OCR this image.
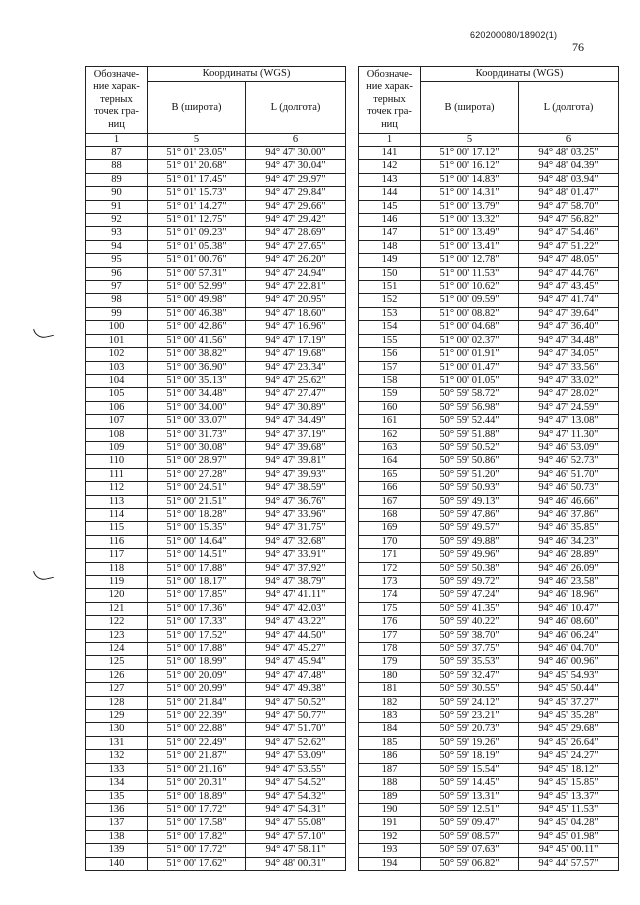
620200080/18902(1)
76
Обозначе-ние харак-терных точек гра-ниц	Координаты (WGS)	
	В (широта)	L (долгота)
1	5	6
87	51° 01' 23.05"	94° 47' 30.00"
88	51° 01' 20.68"	94° 47' 30.04"
89	51° 01' 17.45"	94° 47' 29.97"
90	51° 01' 15.73"	94° 47' 29.84"
91	51° 01' 14.27"	94° 47' 29.66"
92	51° 01' 12.75"	94° 47' 29.42"
93	51° 01' 09.23"	94° 47' 28.69"
94	51° 01' 05.38"	94° 47' 27.65"
95	51° 01' 00.76"	94° 47' 26.20"
96	51° 00' 57.31"	94° 47' 24.94"
97	51° 00' 52.99"	94° 47' 22.81"
98	51° 00' 49.98"	94° 47' 20.95"
99	51° 00' 46.38"	94° 47' 18.60"
100	51° 00' 42.86"	94° 47' 16.96"
101	51° 00' 41.56"	94° 47' 17.19"
102	51° 00' 38.82"	94° 47' 19.68"
103	51° 00' 36.90"	94° 47' 23.34"
104	51° 00' 35.13"	94° 47' 25.62"
105	51° 00' 34.48"	94° 47' 27.47"
106	51° 00' 34.00"	94° 47' 30.89"
107	51° 00' 33.07"	94° 47' 34.49"
108	51° 00' 31.73"	94° 47' 37.19"
109	51° 00' 30.08"	94° 47' 39.68"
110	51° 00' 28.97"	94° 47' 39.81"
111	51° 00' 27.28"	94° 47' 39.93"
112	51° 00' 24.51"	94° 47' 38.59"
113	51° 00' 21.51"	94° 47' 36.76"
114	51° 00' 18.28"	94° 47' 33.96"
115	51° 00' 15.35"	94° 47' 31.75"
116	51° 00' 14.64"	94° 47' 32.68"
117	51° 00' 14.51"	94° 47' 33.91"
118	51° 00' 17.88"	94° 47' 37.92"
119	51° 00' 18.17"	94° 47' 38.79"
120	51° 00' 17.85"	94° 47' 41.11"
121	51° 00' 17.36"	94° 47' 42.03"
122	51° 00' 17.33"	94° 47' 43.22"
123	51° 00' 17.52"	94° 47' 44.50"
124	51° 00' 17.88"	94° 47' 45.27"
125	51° 00' 18.99"	94° 47' 45.94"
126	51° 00' 20.09"	94° 47' 47.48"
127	51° 00' 20.99"	94° 47' 49.38"
128	51° 00' 21.84"	94° 47' 50.52"
129	51° 00' 22.39"	94° 47' 50.77"
130	51° 00' 22.88"	94° 47' 51.70"
131	51° 00' 22.49"	94° 47' 52.62"
132	51° 00' 21.87"	94° 47' 53.09"
133	51° 00' 21.16"	94° 47' 53.55"
134	51° 00' 20.31"	94° 47' 54.52"
135	51° 00' 18.89"	94° 47' 54.32"
136	51° 00' 17.72"	94° 47' 54.31"
137	51° 00' 17.58"	94° 47' 55.08"
138	51° 00' 17.82"	94° 47' 57.10"
139	51° 00' 17.72"	94° 47' 58.11"
140	51° 00' 17.62"	94° 48' 00.31"
Обозначе-ние харак-терных точек гра-ниц	Координаты (WGS)	
	В (широта)	L (долгота)
1	5	6
141	51° 00' 17.12"	94° 48' 03.25"
142	51° 00' 16.12"	94° 48' 04.39"
143	51° 00' 14.83"	94° 48' 03.94"
144	51° 00' 14.31"	94° 48' 01.47"
145	51° 00' 13.79"	94° 47' 58.70"
146	51° 00' 13.32"	94° 47' 56.82"
147	51° 00' 13.49"	94° 47' 54.46"
148	51° 00' 13.41"	94° 47' 51.22"
149	51° 00' 12.78"	94° 47' 48.05"
150	51° 00' 11.53"	94° 47' 44.76"
151	51° 00' 10.62"	94° 47' 43.45"
152	51° 00' 09.59"	94° 47' 41.74"
153	51° 00' 08.82"	94° 47' 39.64"
154	51° 00' 04.68"	94° 47' 36.40"
155	51° 00' 02.37"	94° 47' 34.48"
156	51° 00' 01.91"	94° 47' 34.05"
157	51° 00' 01.47"	94° 47' 33.56"
158	51° 00' 01.05"	94° 47' 33.02"
159	50° 59' 58.72"	94° 47' 28.02"
160	50° 59' 56.98"	94° 47' 24.59"
161	50° 59' 52.44"	94° 47' 13.08"
162	50° 59' 51.88"	94° 47' 11.30"
163	50° 59' 50.52"	94° 46' 53.09"
164	50° 59' 50.86"	94° 46' 52.73"
165	50° 59' 51.20"	94° 46' 51.70"
166	50° 59' 50.93"	94° 46' 50.73"
167	50° 59' 49.13"	94° 46' 46.66"
168	50° 59' 47.86"	94° 46' 37.86"
169	50° 59' 49.57"	94° 46' 35.85"
170	50° 59' 49.88"	94° 46' 34.23"
171	50° 59' 49.96"	94° 46' 28.89"
172	50° 59' 50.38"	94° 46' 26.09"
173	50° 59' 49.72"	94° 46' 23.58"
174	50° 59' 47.24"	94° 46' 18.96"
175	50° 59' 41.35"	94° 46' 10.47"
176	50° 59' 40.22"	94° 46' 08.60"
177	50° 59' 38.70"	94° 46' 06.24"
178	50° 59' 37.75"	94° 46' 04.70"
179	50° 59' 35.53"	94° 46' 00.96"
180	50° 59' 32.47"	94° 45' 54.93"
181	50° 59' 30.55"	94° 45' 50.44"
182	50° 59' 24.12"	94° 45' 37.27"
183	50° 59' 23.21"	94° 45' 35.28"
184	50° 59' 20.73"	94° 45' 29.68"
185	50° 59' 19.26"	94° 45' 26.64"
186	50° 59' 18.19"	94° 45' 24.27"
187	50° 59' 15.54"	94° 45' 18.12"
188	50° 59' 14.45"	94° 45' 15.85"
189	50° 59' 13.31"	94° 45' 13.37"
190	50° 59' 12.51"	94° 45' 11.53"
191	50° 59' 09.47"	94° 45' 04.28"
192	50° 59' 08.57"	94° 45' 01.98"
193	50° 59' 07.63"	94° 45' 00.11"
194	50° 59' 06.82"	94° 44' 57.57"
